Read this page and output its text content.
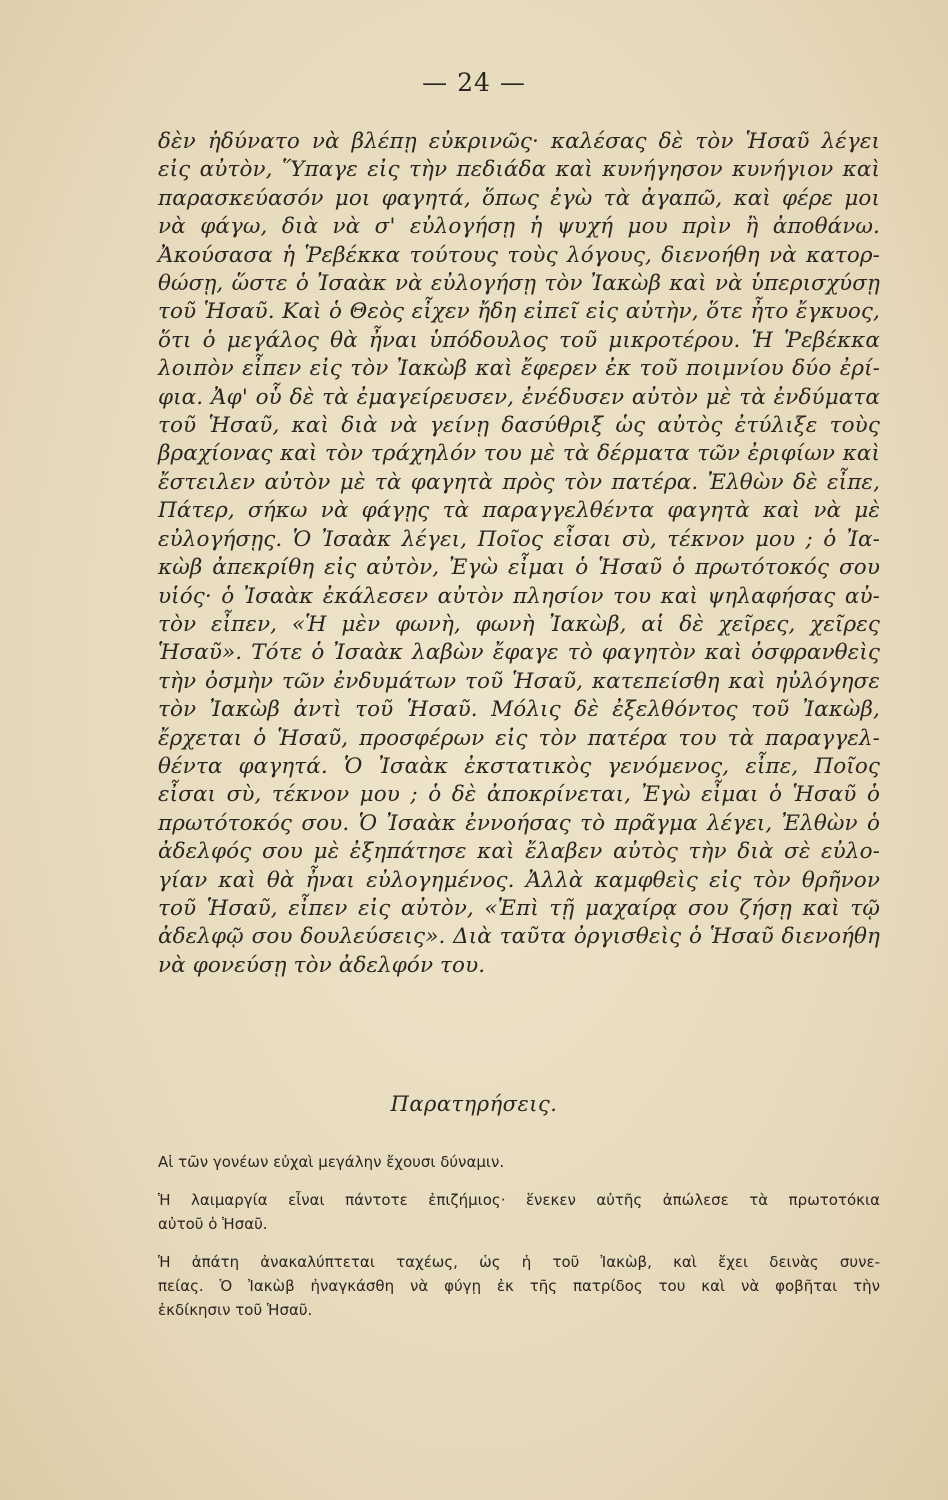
— 24 —
δὲν ἠδύνατο νὰ βλέπῃ εὐκρινῶς· καλέσας δὲ τὸν Ἡσαῦ λέγει
εἰς αὐτὸν, Ὕπαγε εἰς τὴν πεδιάδα καὶ κυνήγησον κυνήγιον καὶ
παρασκεύασόν μοι φαγητά, ὅπως ἐγὼ τὰ ἀγαπῶ, καὶ φέρε μοι
νὰ φάγω, διὰ νὰ σ' εὐλογήσῃ ἡ ψυχή μου πρὶν ἢ ἀποθάνω.
Ἀκούσασα ἡ Ῥεβέκκα τούτους τοὺς λόγους, διενοήθη νὰ κατορ-
θώσῃ, ὥστε ὁ Ἰσαὰκ νὰ εὐλογήσῃ τὸν Ἰακὼβ καὶ νὰ ὑπερισχύσῃ
τοῦ Ἡσαῦ. Καὶ ὁ Θεὸς εἶχεν ἤδη εἰπεῖ εἰς αὐτὴν, ὅτε ἦτο ἔγκυος,
ὅτι ὁ μεγάλος θὰ ἦναι ὑπόδουλος τοῦ μικροτέρου. Ἡ Ῥεβέκκα
λοιπὸν εἶπεν εἰς τὸν Ἰακὼβ καὶ ἔφερεν ἐκ τοῦ ποιμνίου δύο ἐρί-
φια. Ἀφ' οὗ δὲ τὰ ἐμαγείρευσεν, ἐνέδυσεν αὐτὸν μὲ τὰ ἐνδύματα
τοῦ Ἡσαῦ, καὶ διὰ νὰ γείνῃ δασύθριξ ὡς αὐτὸς ἐτύλιξε τοὺς
βραχίονας καὶ τὸν τράχηλόν του μὲ τὰ δέρματα τῶν ἐριφίων καὶ
ἔστειλεν αὐτὸν μὲ τὰ φαγητὰ πρὸς τὸν πατέρα. Ἐλθὼν δὲ εἶπε,
Πάτερ, σήκω νὰ φάγῃς τὰ παραγγελθέντα φαγητὰ καὶ νὰ μὲ
εὐλογήσῃς. Ὁ Ἰσαὰκ λέγει, Ποῖος εἶσαι σὺ, τέκνον μου ; ὁ Ἰα-
κὼβ ἀπεκρίθη εἰς αὐτὸν, Ἐγὼ εἶμαι ὁ Ἡσαῦ ὁ πρωτότοκός σου
υἱός· ὁ Ἰσαὰκ ἐκάλεσεν αὐτὸν πλησίον του καὶ ψηλαφήσας αὐ-
τὸν εἶπεν, «Ἡ μὲν φωνὴ, φωνὴ Ἰακὼβ, αἱ δὲ χεῖρες, χεῖρες
Ἡσαῦ». Τότε ὁ Ἰσαὰκ λαβὼν ἔφαγε τὸ φαγητὸν καὶ ὀσφρανθεὶς
τὴν ὀσμὴν τῶν ἐνδυμάτων τοῦ Ἡσαῦ, κατεπείσθη καὶ ηὐλόγησε
τὸν Ἰακὼβ ἀντὶ τοῦ Ἡσαῦ. Μόλις δὲ ἐξελθόντος τοῦ Ἰακὼβ,
ἔρχεται ὁ Ἡσαῦ, προσφέρων εἰς τὸν πατέρα του τὰ παραγγελ-
θέντα φαγητά. Ὁ Ἰσαὰκ ἐκστατικὸς γενόμενος, εἶπε, Ποῖος
εἶσαι σὺ, τέκνον μου ; ὁ δὲ ἀποκρίνεται, Ἐγὼ εἶμαι ὁ Ἡσαῦ ὁ
πρωτότοκός σου. Ὁ Ἰσαὰκ ἐννοήσας τὸ πρᾶγμα λέγει, Ἐλθὼν ὁ
ἀδελφός σου μὲ ἐξηπάτησε καὶ ἔλαβεν αὐτὸς τὴν διὰ σὲ εὐλο-
γίαν καὶ θὰ ἦναι εὐλογημένος. Ἀλλὰ καμφθεὶς εἰς τὸν θρῆνον
τοῦ Ἡσαῦ, εἶπεν εἰς αὐτὸν, «Ἐπὶ τῇ μαχαίρᾳ σου ζήσῃ καὶ τῷ
ἀδελφῷ σου δουλεύσεις». Διὰ ταῦτα ὀργισθεὶς ὁ Ἡσαῦ διενοήθη
νὰ φονεύσῃ τὸν ἀδελφόν του.
Παρατηρήσεις.
Αἱ τῶν γονέων εὐχαὶ μεγάλην ἔχουσι δύναμιν.
Ἡ λαιμαργία εἶναι πάντοτε ἐπιζήμιος· ἕνεκεν αὐτῆς ἀπώλεσε τὰ πρωτοτόκια
αὐτοῦ ὁ Ἡσαῦ.
Ἡ ἀπάτη ἀνακαλύπτεται ταχέως, ὡς ἡ τοῦ Ἰακὼβ, καὶ ἔχει δεινὰς συνε-
πείας. Ὁ Ἰακὼβ ἠναγκάσθη νὰ φύγῃ ἐκ τῆς πατρίδος του καὶ νὰ φοβῆται τὴν
ἐκδίκησιν τοῦ Ἡσαῦ.
